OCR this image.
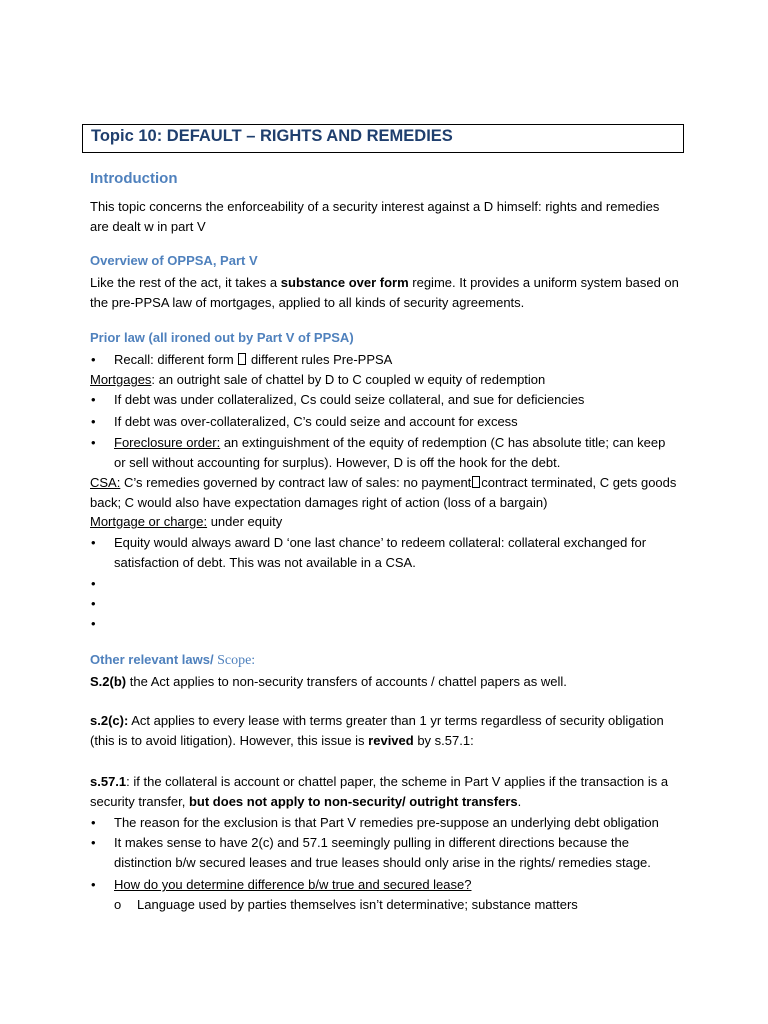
Topic 10: DEFAULT – RIGHTS AND REMEDIES
Introduction
This topic concerns the enforceability of a security interest against a D himself: rights and remedies are dealt w in part V
Overview of OPPSA, Part V
Like the rest of the act, it takes a substance over form regime. It provides a uniform system based on the pre-PPSA law of mortgages, applied to all kinds of security agreements.
Prior law (all ironed out by Part V of PPSA)
• Recall: different form different rules Pre-PPSA
Mortgages: an outright sale of chattel by D to C coupled w equity of redemption
• If debt was under collateralized, Cs could seize collateral, and sue for deficiencies
• If debt was over-collateralized, C’s could seize and account for excess
• Foreclosure order: an extinguishment of the equity of redemption (C has absolute title; can keep or sell without accounting for surplus). However, D is off the hook for the debt.
CSA: C’s remedies governed by contract law of sales: no payment contract terminated, C gets goods back; C would also have expectation damages right of action (loss of a bargain)
Mortgage or charge: under equity
• Equity would always award D ‘one last chance’ to redeem collateral: collateral exchanged for satisfaction of debt. This was not available in a CSA.
•
•
•
Other relevant laws/ Scope:
S.2(b) the Act applies to non-security transfers of accounts / chattel papers as well.
s.2(c): Act applies to every lease with terms greater than 1 yr terms regardless of security obligation (this is to avoid litigation). However, this issue is revived by s.57.1:
s.57.1: if the collateral is account or chattel paper, the scheme in Part V applies if the transaction is a security transfer, but does not apply to non-security/ outright transfers.
• The reason for the exclusion is that Part V remedies pre-suppose an underlying debt obligation
• It makes sense to have 2(c) and 57.1 seemingly pulling in different directions because the distinction b/w secured leases and true leases should only arise in the rights/ remedies stage.
• How do you determine difference b/w true and secured lease?
o Language used by parties themselves isn’t determinative; substance matters
